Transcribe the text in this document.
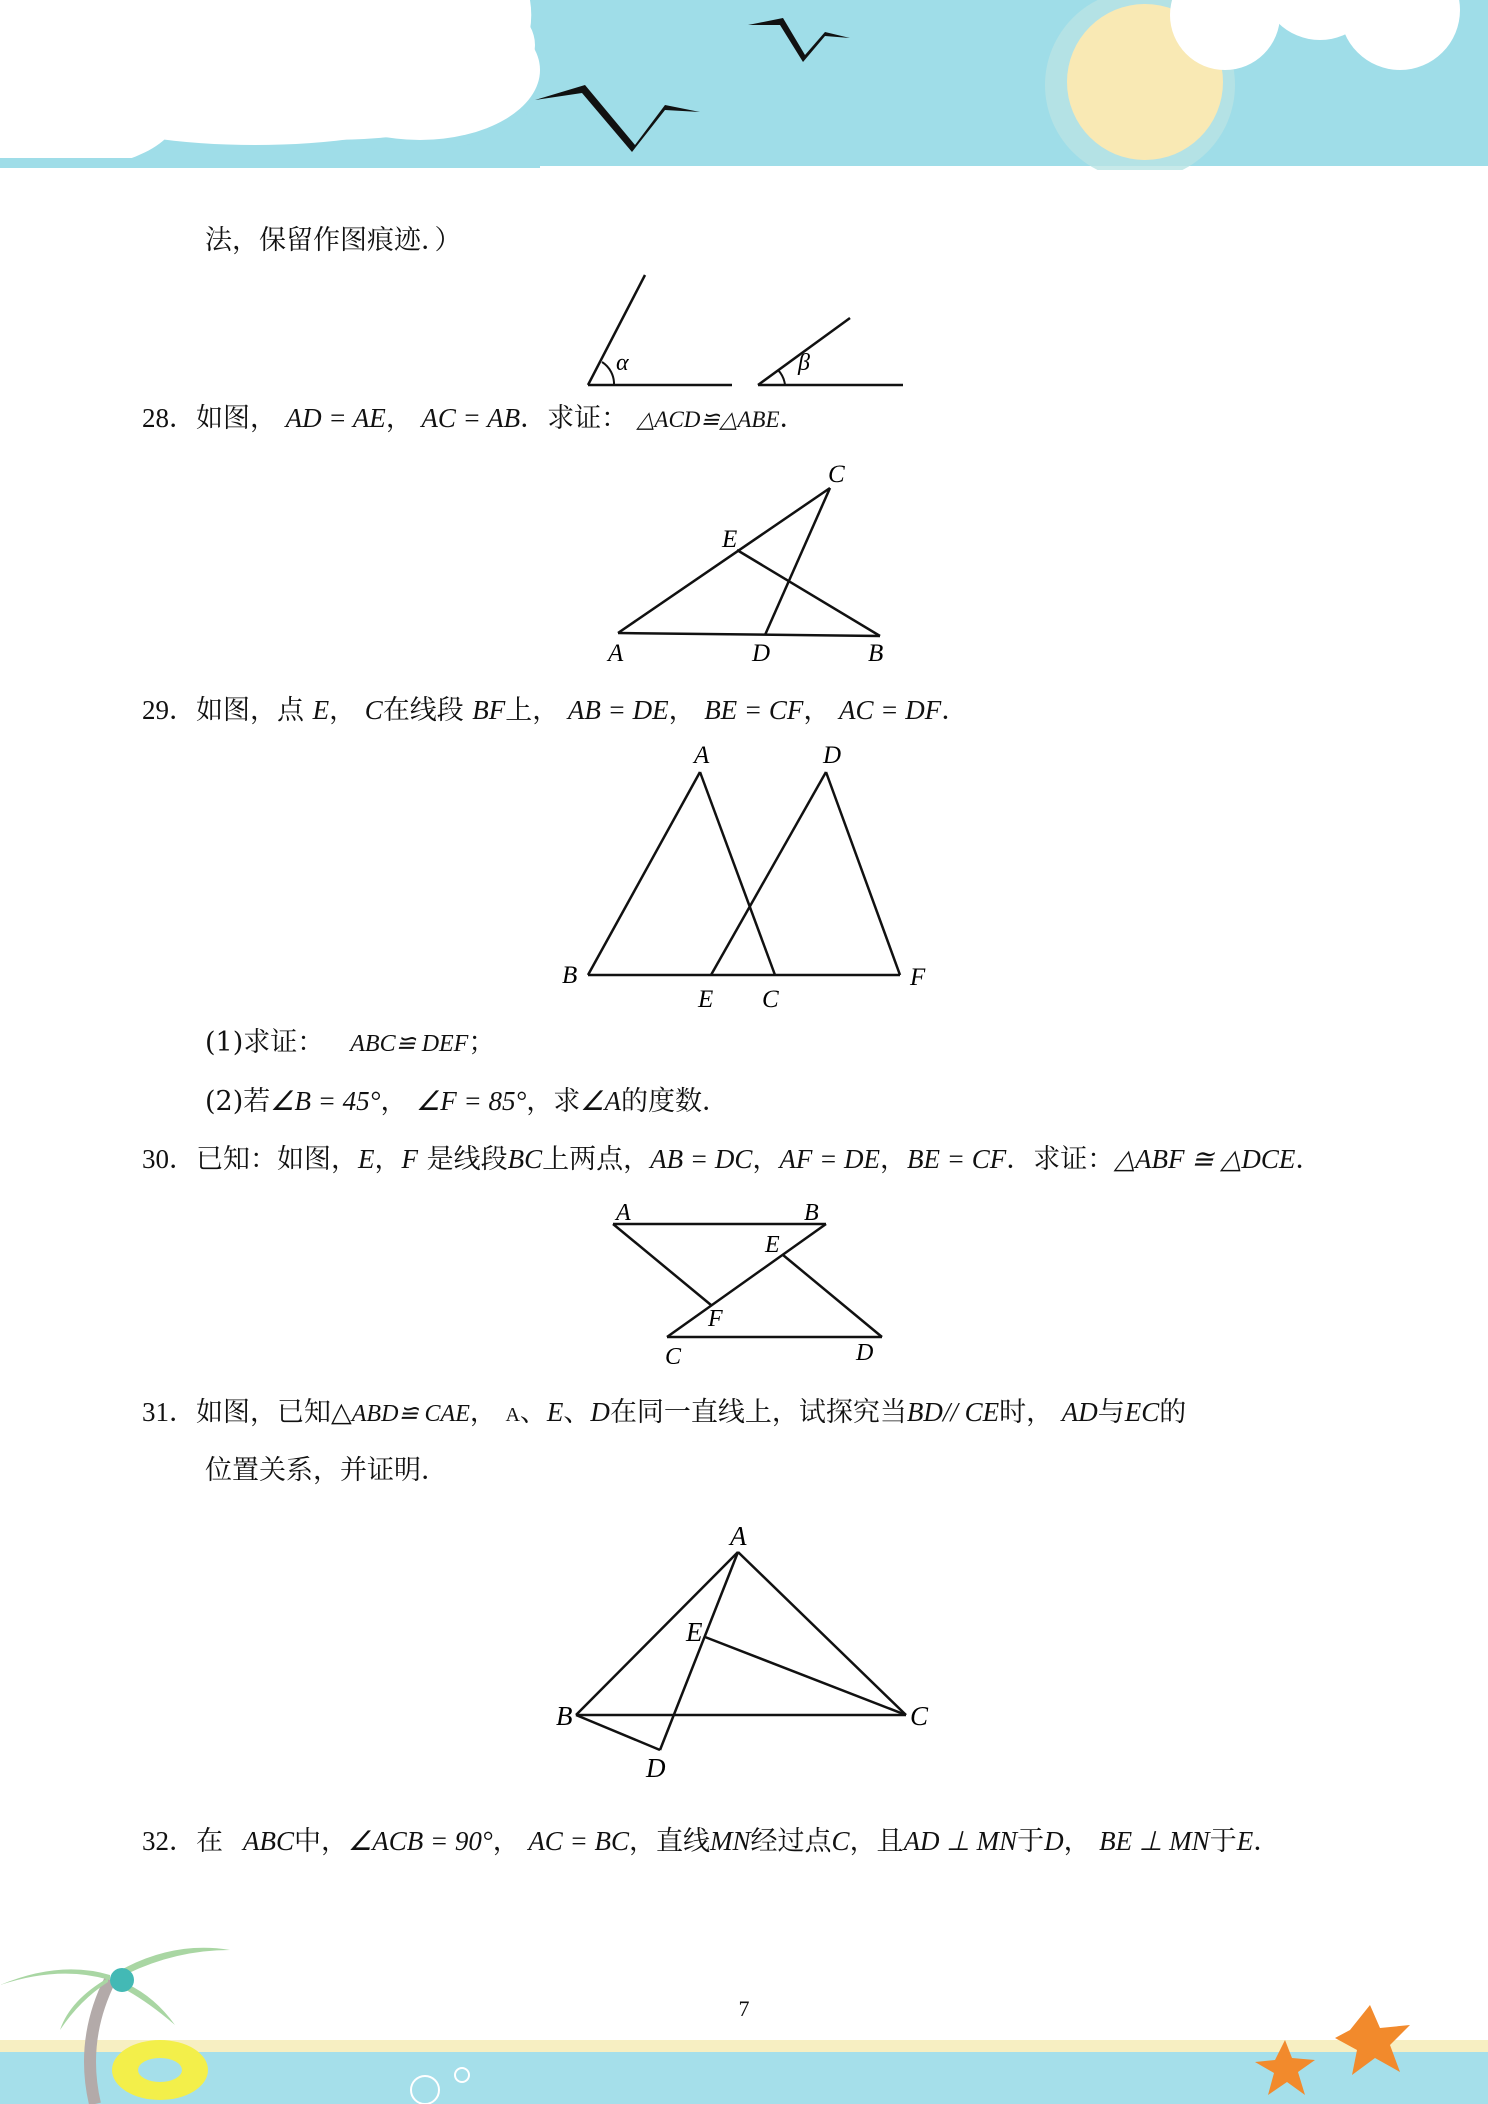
法，保留作图痕迹．）
α	β
28．如图， AD = AE， AC = AB．求证： △ACD≌△ABE．
C
E
A	D	B
29．如图，点 E， C在线段 BF上， AB = DE， BE = CF， AC = DF．
A	D
B	F
E C
(1)求证： ABC≌ DEF；
(2)若∠B = 45°， ∠F = 85°，求∠A的度数．
30．已知：如图，E，F 是线段BC上两点，AB = DC，AF = DE，BE = CF．求证：△ABF ≅ △DCE．
A	B
E
F
C	D
31．如图，已知△ABD≌ CAE， A、E、D在同一直线上，试探究当BD// CE时， AD与EC的
位置关系，并证明．
A
E
B	C
D
32．在 ABC中，∠ACB = 90°， AC = BC，直线MN经过点C，且AD ⊥ MN于D， BE ⊥ MN于E．
7
